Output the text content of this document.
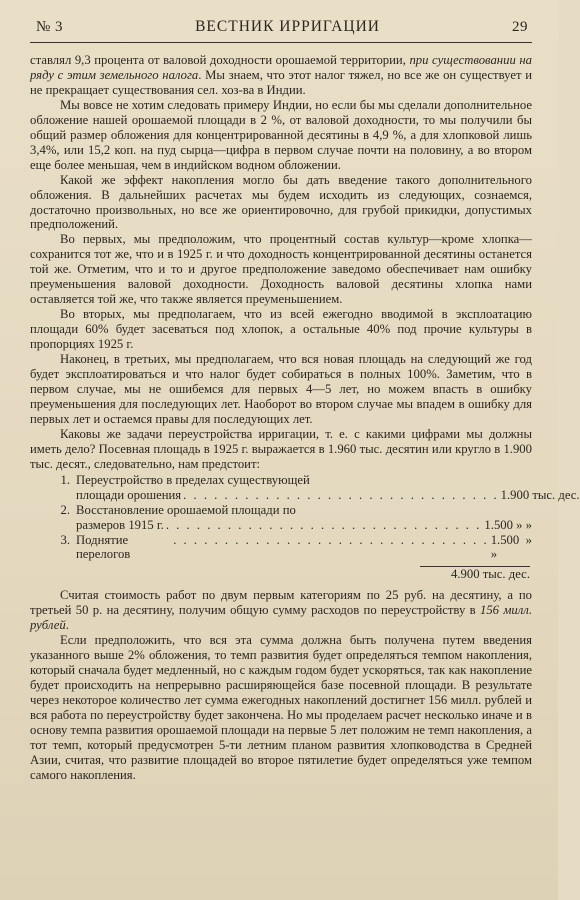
№ 3	ВЕСТНИК ИРРИГАЦИИ	29

ставлял 9,3 процента от валовой доходности орошаемой территории, при существовании на ряду с этим земельного налога. Мы знаем, что этот налог тяжел, но все же он существует и не прекращает существования сел. хоз-ва в Индии.

Мы вовсе не хотим следовать примеру Индии, но если бы мы сделали дополнительное обложение нашей орошаемой площади в 2 %, от валовой доходности, то мы получили бы общий размер обложения для концентрированной десятины в 4,9 %, а для хлопковой лишь 3,4%, или 15,2 коп. на пуд сырца—цифра в первом случае почти на половину, а во втором еще более меньшая, чем в индийском водном обложении.

Какой же эффект накопления могло бы дать введение такого дополнительного обложения. В дальнейших расчетах мы будем исходить из следующих, сознаемся, достаточно произвольных, но все же ориентировочно, для грубой прикидки, допустимых предположений.

Во первых, мы предположим, что процентный состав культур—кроме хлопка—сохранится тот же, что и в 1925 г. и что доходность концентрированной десятины останется той же. Отметим, что и то и другое предположение заведомо обеспечивает нам ошибку преуменьшения валовой доходности. Доходность валовой десятины хлопка нами оставляется той же, что также является преуменьшением.

Во вторых, мы предполагаем, что из всей ежегодно вводимой в эксплоатацию площади 60% будет засеваться под хлопок, а остальные 40% под прочие культуры в пропорциях 1925 г.

Наконец, в третьих, мы предполагаем, что вся новая площадь на следующий же год будет эксплоатироваться и что налог будет собираться в полных 100%. Заметим, что в первом случае, мы не ошибемся для первых 4—5 лет, но можем впасть в ошибку преуменьшения для последующих лет. Наоборот во втором случае мы впадем в ошибку для первых лет и остаемся правы для последующих лет.

Каковы же задачи переустройства ирригации, т. е. с какими цифрами мы должны иметь дело? Посевная площадь в 1925 г. выражается в 1.960 тыс. десятин или кругло в 1.900 тыс. десят., следовательно, нам предстоит:

1. Переустройство в пределах существующей
площади орошения . . . . . . . . . . . . . . . . . . . . . . . . . . . . . . . 1.900 тыс. дес.
2. Восстановление орошаемой площади по
размеров 1915 г. . . . . . . . . . . . . . . . . . . . . . . . . . . . . . . . 1.500 » »
3. Поднятие перелогов
. . . . . . . . . . . . . . . . . . . . . . . . . . . . . . . 1.500 » »
4.900 тыс. дес.

Считая стоимость работ по двум первым категориям по 25 руб. на десятину, а по третьей 50 р. на десятину, получим общую сумму расходов по переустройству в 156 милл. рублей.

Если предположить, что вся эта сумма должна быть получена путем введения указанного выше 2% обложения, то темп развития будет определяться темпом накопления, который сначала будет медленный, но с каждым годом будет ускоряться, так как накопление будет происходить на непрерывно расширяющейся базе посевной площади. В результате через некоторое количество лет сумма ежегодных накоплений достигнет 156 милл. рублей и вся работа по переустройству будет закончена. Но мы проделаем расчет несколько иначе и в основу темпа развития орошаемой площади на первые 5 лет положим не темп накопления, а тот темп, который предусмотрен 5-ти летним планом развития хлопководства в Средней Азии, считая, что развитие площадей во второе пятилетие будет определяться уже темпом самого накопления.
